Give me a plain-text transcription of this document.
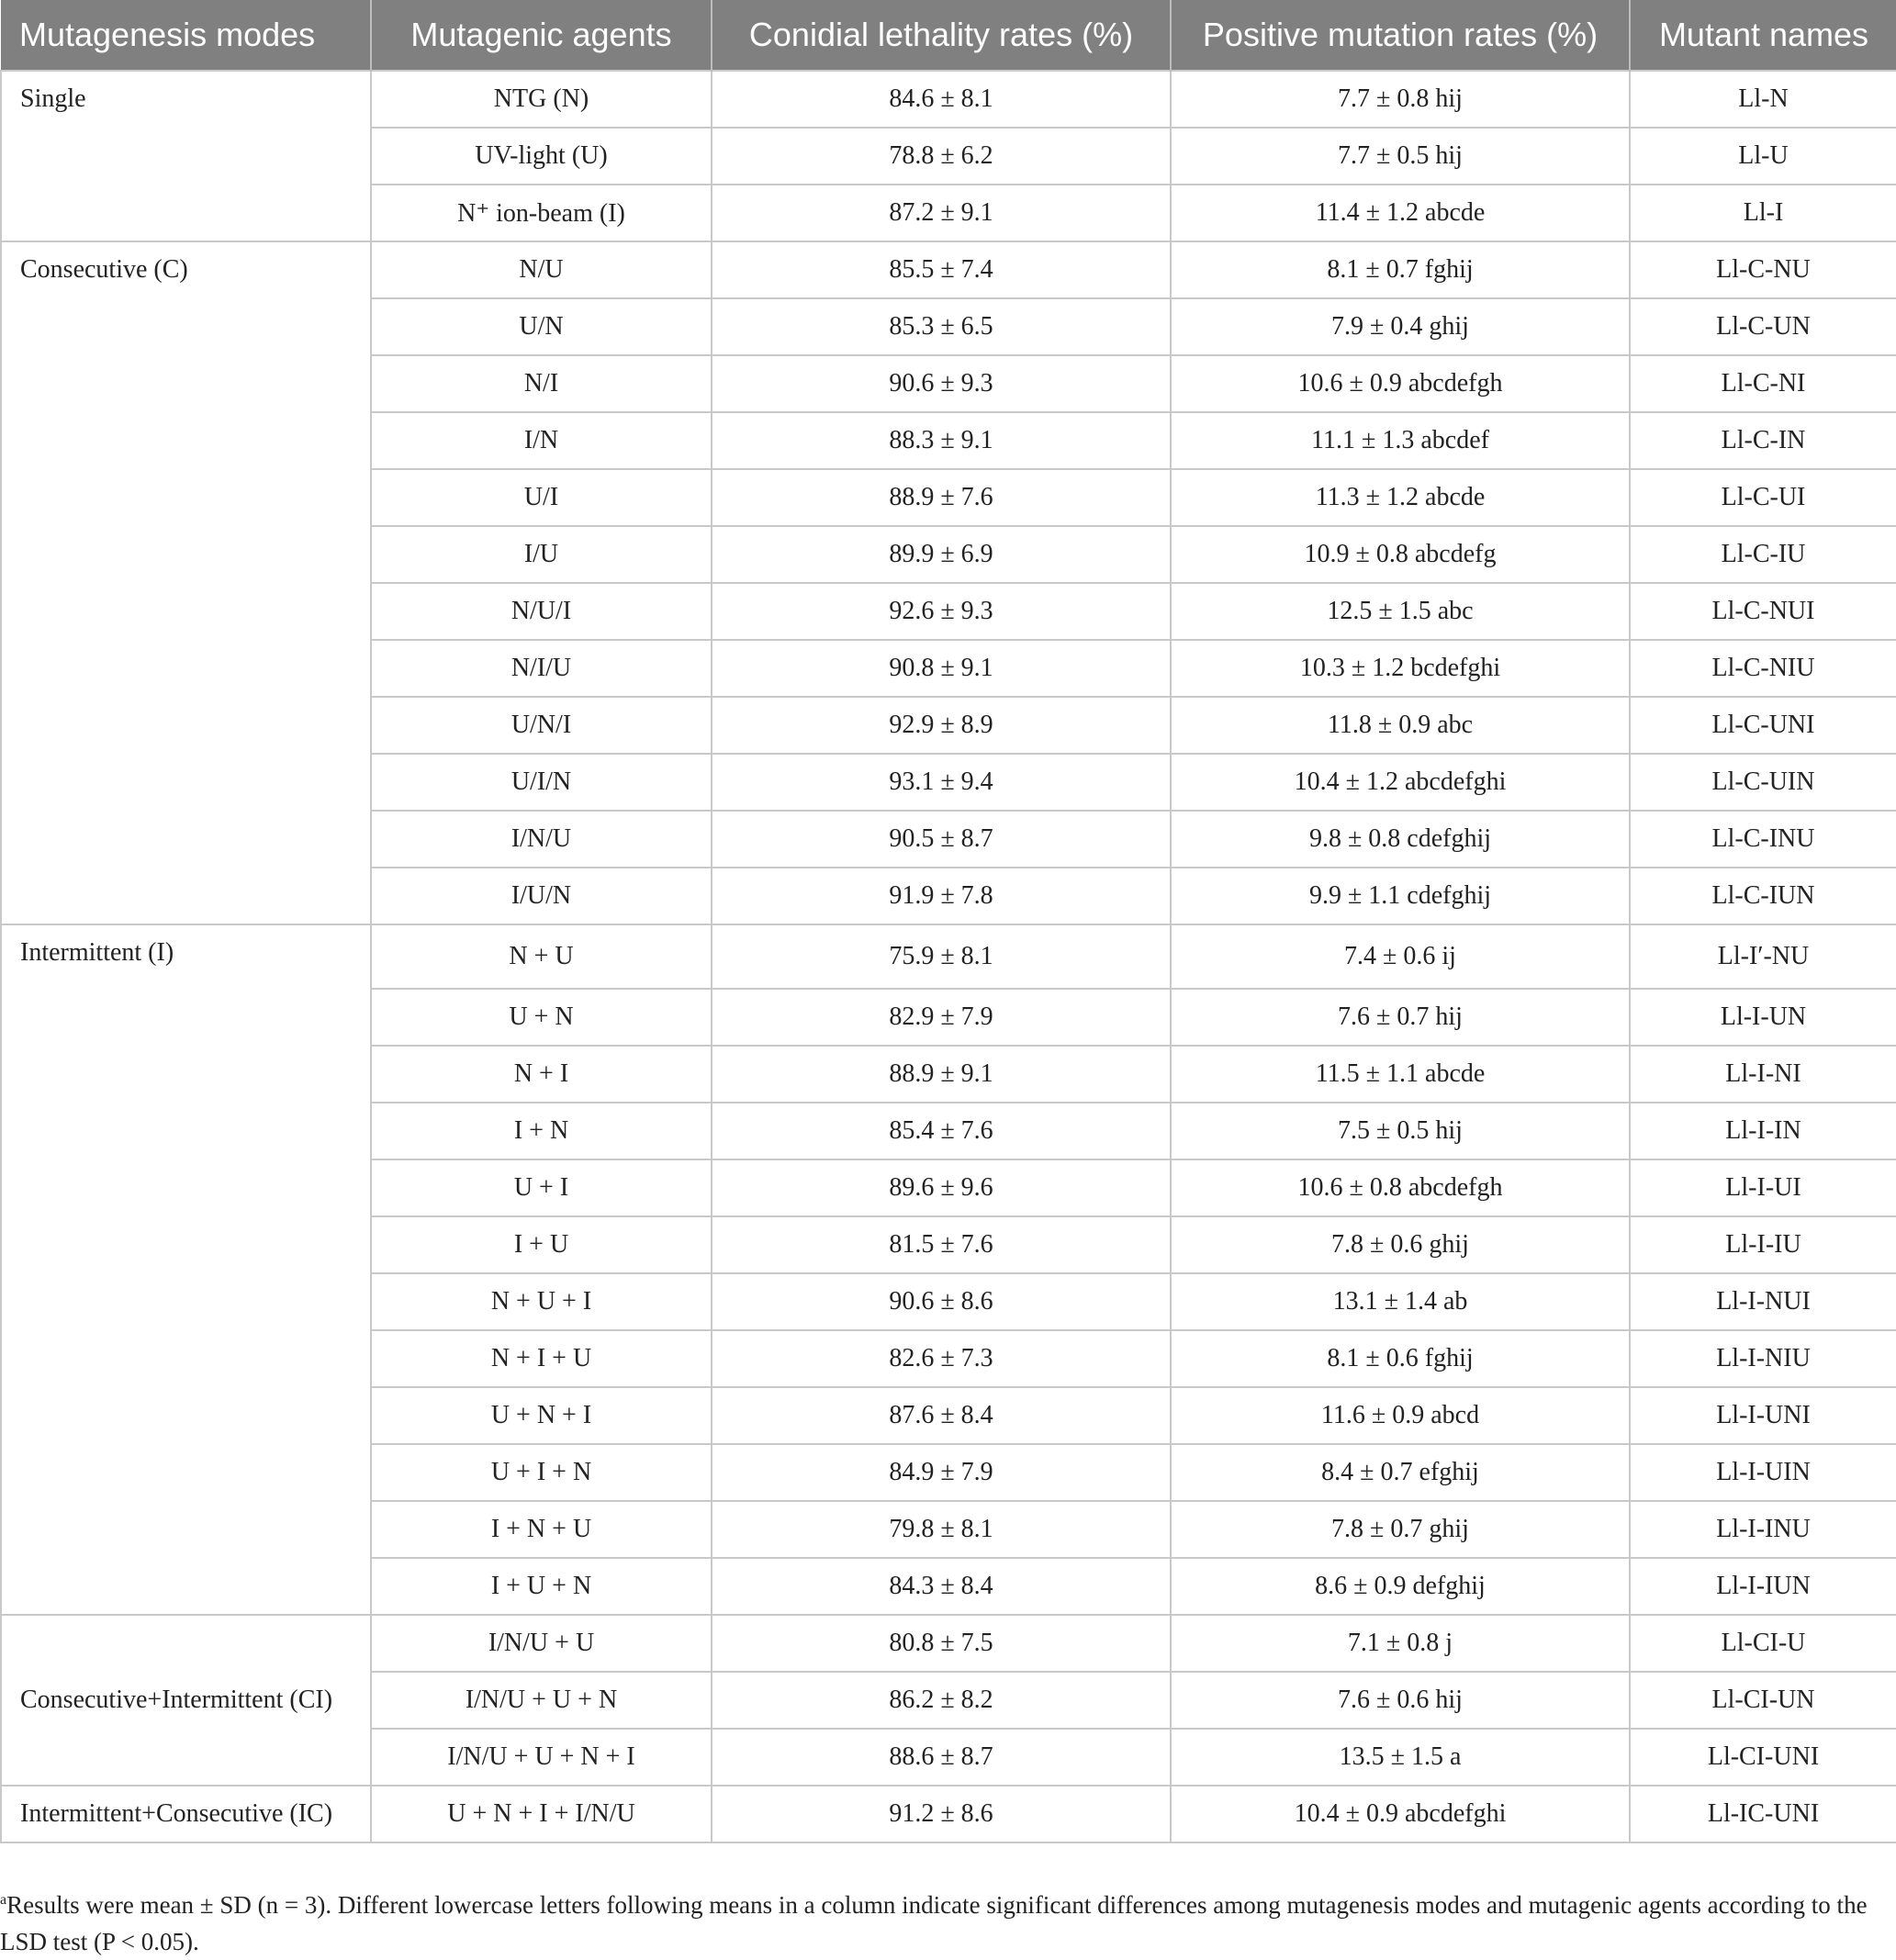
Mutagenesis modes	Mutagenic agents	Conidial lethality rates (%)	Positive mutation rates (%)	Mutant names
Single	NTG (N)	84.6 ± 8.1	7.7 ± 0.8 hij	Ll-N
	UV-light (U)	78.8 ± 6.2	7.7 ± 0.5 hij	Ll-U
	N⁺ ion-beam (I)	87.2 ± 9.1	11.4 ± 1.2 abcde	Ll-I
Consecutive (C)	N/U	85.5 ± 7.4	8.1 ± 0.7 fghij	Ll-C-NU
	U/N	85.3 ± 6.5	7.9 ± 0.4 ghij	Ll-C-UN
	N/I	90.6 ± 9.3	10.6 ± 0.9 abcdefgh	Ll-C-NI
	I/N	88.3 ± 9.1	11.1 ± 1.3 abcdef	Ll-C-IN
	U/I	88.9 ± 7.6	11.3 ± 1.2 abcde	Ll-C-UI
	I/U	89.9 ± 6.9	10.9 ± 0.8 abcdefg	Ll-C-IU
	N/U/I	92.6 ± 9.3	12.5 ± 1.5 abc	Ll-C-NUI
	N/I/U	90.8 ± 9.1	10.3 ± 1.2 bcdefghi	Ll-C-NIU
	U/N/I	92.9 ± 8.9	11.8 ± 0.9 abc	Ll-C-UNI
	U/I/N	93.1 ± 9.4	10.4 ± 1.2 abcdefghi	Ll-C-UIN
	I/N/U	90.5 ± 8.7	9.8 ± 0.8 cdefghij	Ll-C-INU
	I/U/N	91.9 ± 7.8	9.9 ± 1.1 cdefghij	Ll-C-IUN
Intermittent (I)	N + U	75.9 ± 8.1	7.4 ± 0.6 ij	Ll-I′-NU
	U + N	82.9 ± 7.9	7.6 ± 0.7 hij	Ll-I-UN
	N + I	88.9 ± 9.1	11.5 ± 1.1 abcde	Ll-I-NI
	I + N	85.4 ± 7.6	7.5 ± 0.5 hij	Ll-I-IN
	U + I	89.6 ± 9.6	10.6 ± 0.8 abcdefgh	Ll-I-UI
	I + U	81.5 ± 7.6	7.8 ± 0.6 ghij	Ll-I-IU
	N + U + I	90.6 ± 8.6	13.1 ± 1.4 ab	Ll-I-NUI
	N + I + U	82.6 ± 7.3	8.1 ± 0.6 fghij	Ll-I-NIU
	U + N + I	87.6 ± 8.4	11.6 ± 0.9 abcd	Ll-I-UNI
	U + I + N	84.9 ± 7.9	8.4 ± 0.7 efghij	Ll-I-UIN
	I + N + U	79.8 ± 8.1	7.8 ± 0.7 ghij	Ll-I-INU
	I + U + N	84.3 ± 8.4	8.6 ± 0.9 defghij	Ll-I-IUN
Consecutive+Intermittent (CI)	I/N/U + U	80.8 ± 7.5	7.1 ± 0.8 j	Ll-CI-U
	I/N/U + U + N	86.2 ± 8.2	7.6 ± 0.6 hij	Ll-CI-UN
	I/N/U + U + N + I	88.6 ± 8.7	13.5 ± 1.5 a	Ll-CI-UNI
Intermittent+Consecutive (IC)	U + N + I + I/N/U	91.2 ± 8.6	10.4 ± 0.9 abcdefghi	Ll-IC-UNI
$^a$Results were mean ± SD (n = 3). Different lowercase letters following means in a column indicate significant differences among mutagenesis modes and mutagenic agents according to the LSD test (P < 0.05).
